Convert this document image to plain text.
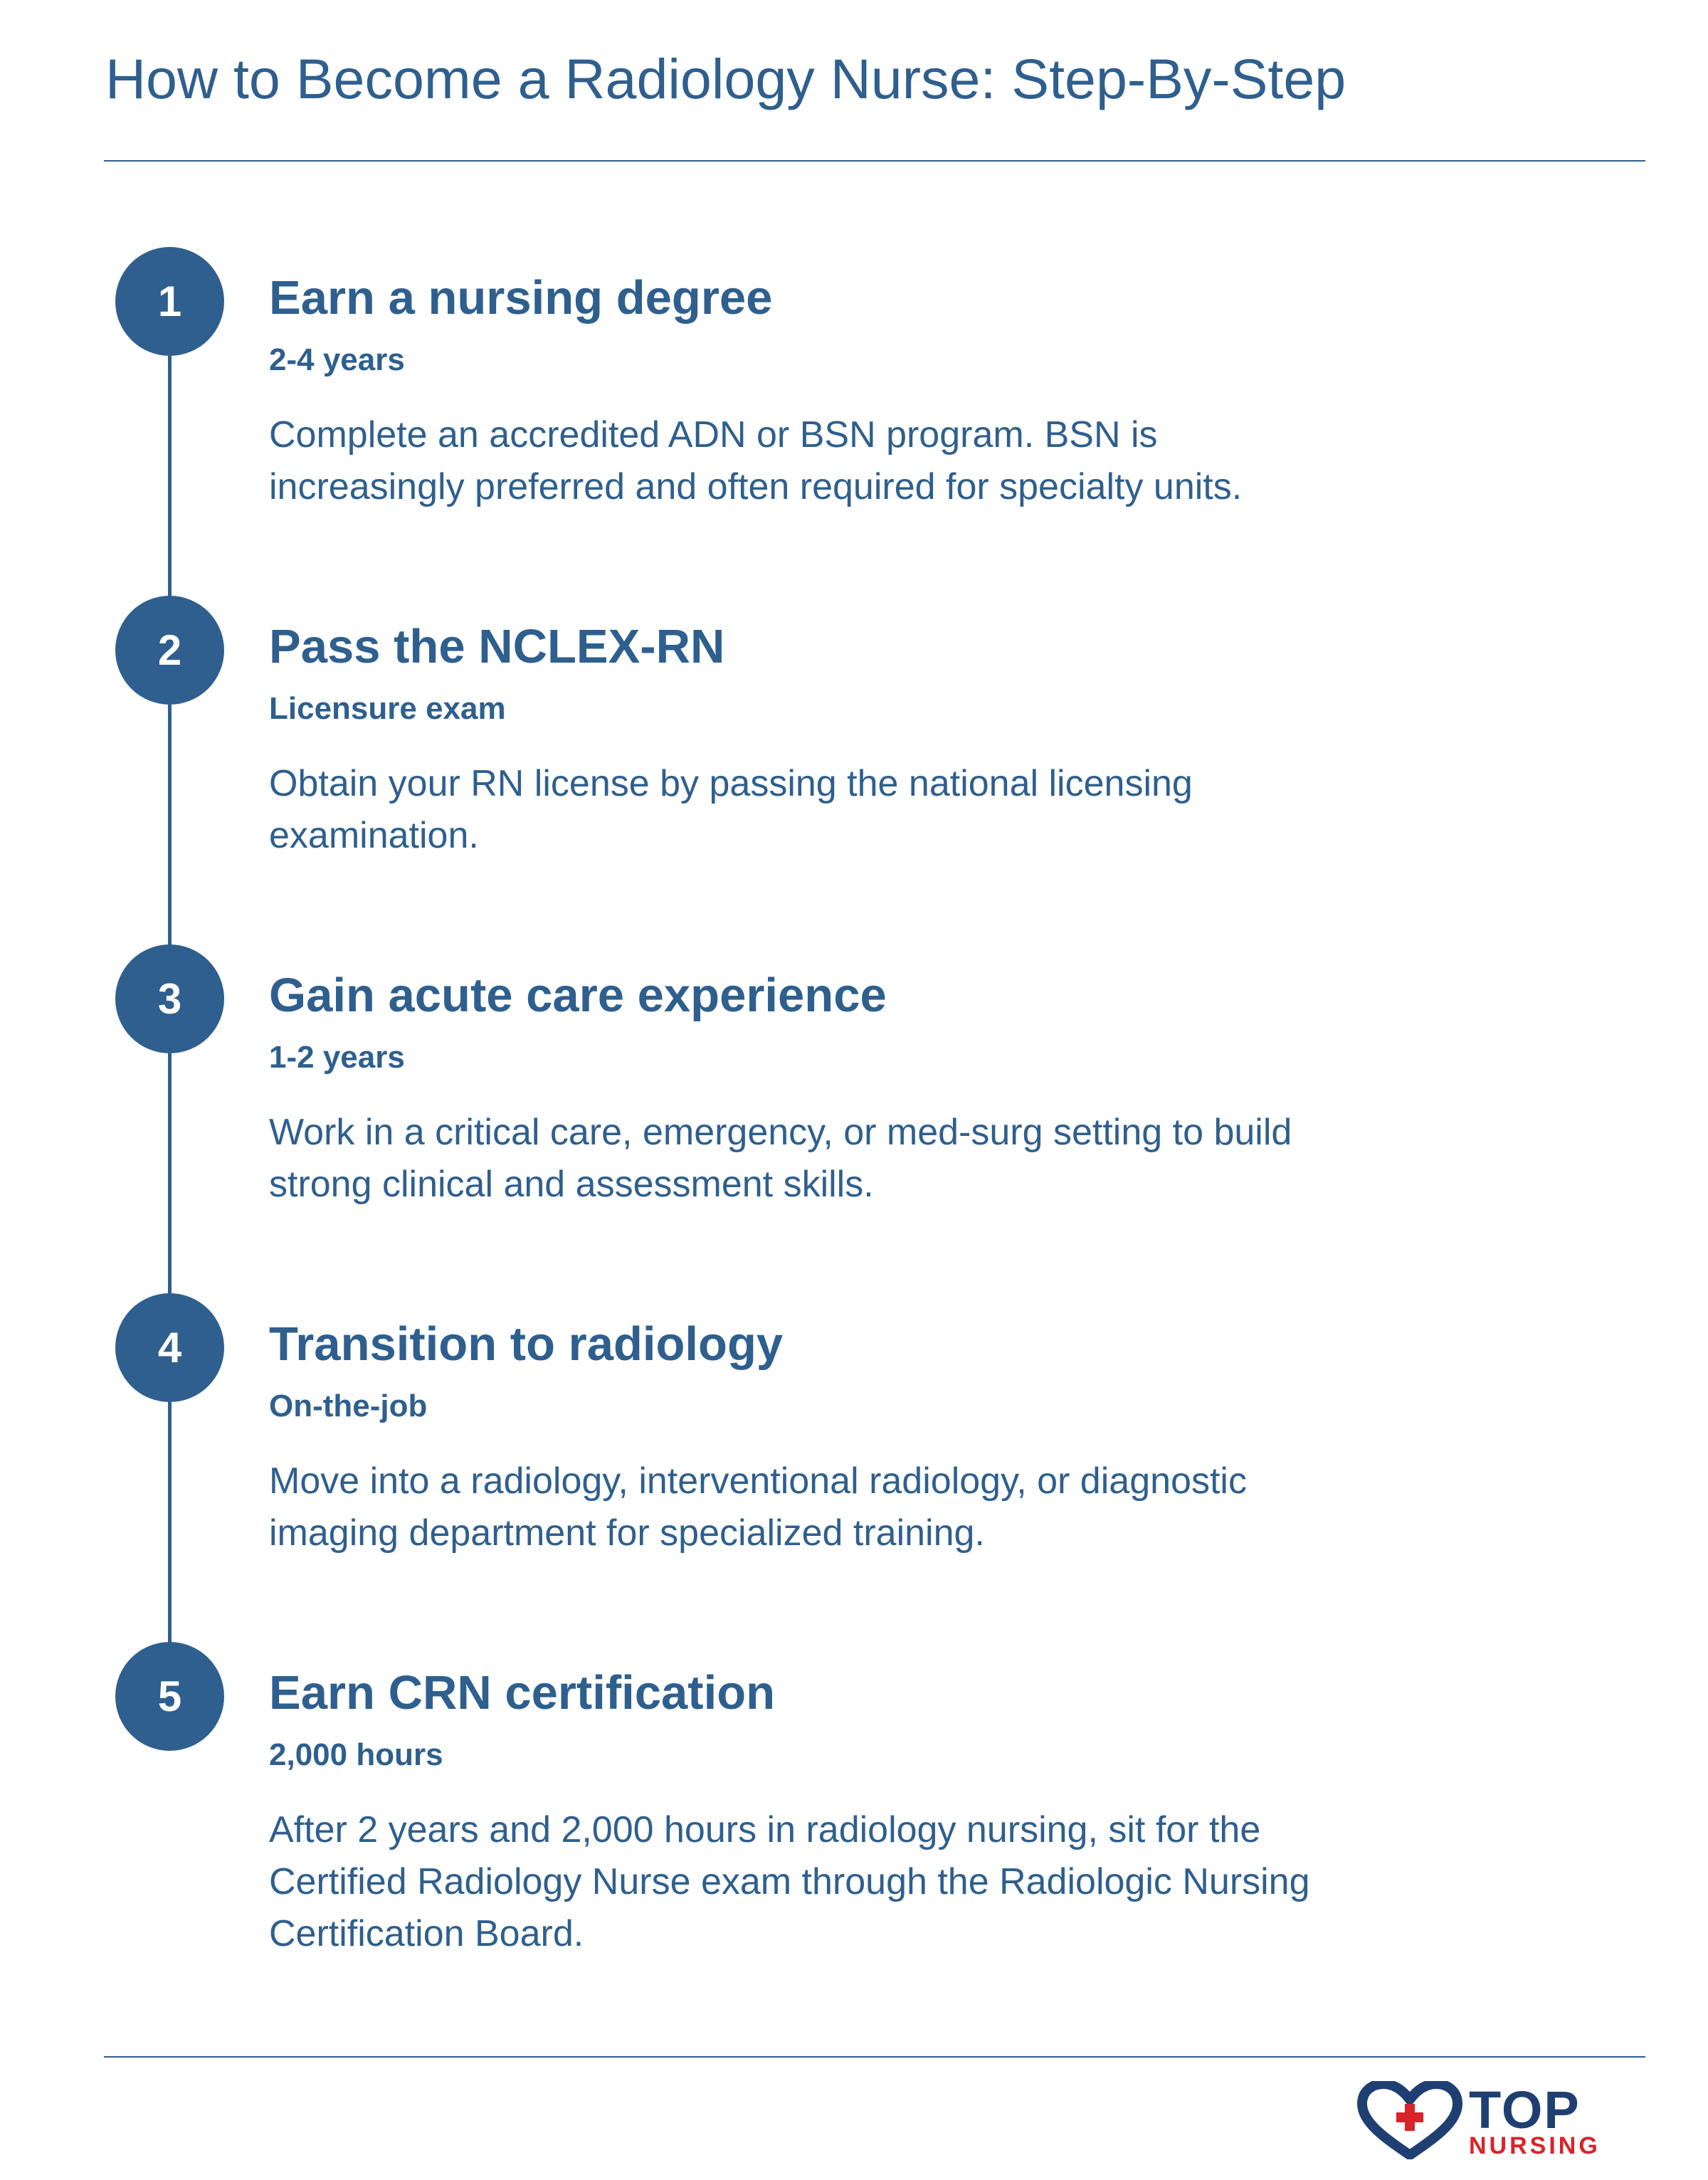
How to Become a Radiology Nurse: Step-By-Step
1	Earn a nursing degree
2-4 years

Complete an accredited ADN or BSN program. BSN is increasingly preferred and often required for specialty units.

2	Pass the NCLEX-RN
Licensure exam

Obtain your RN license by passing the national licensing examination.

3	Gain acute care experience
1-2 years

Work in a critical care, emergency, or med-surg setting to build strong clinical and assessment skills.

4	Transition to radiology
On-the-job

Move into a radiology, interventional radiology, or diagnostic imaging department for specialized training.

5	Earn CRN certification
2,000 hours

After 2 years and 2,000 hours in radiology nursing, sit for the Certified Radiology Nurse exam through the Radiologic Nursing Certification Board.

TOP
NURSING
